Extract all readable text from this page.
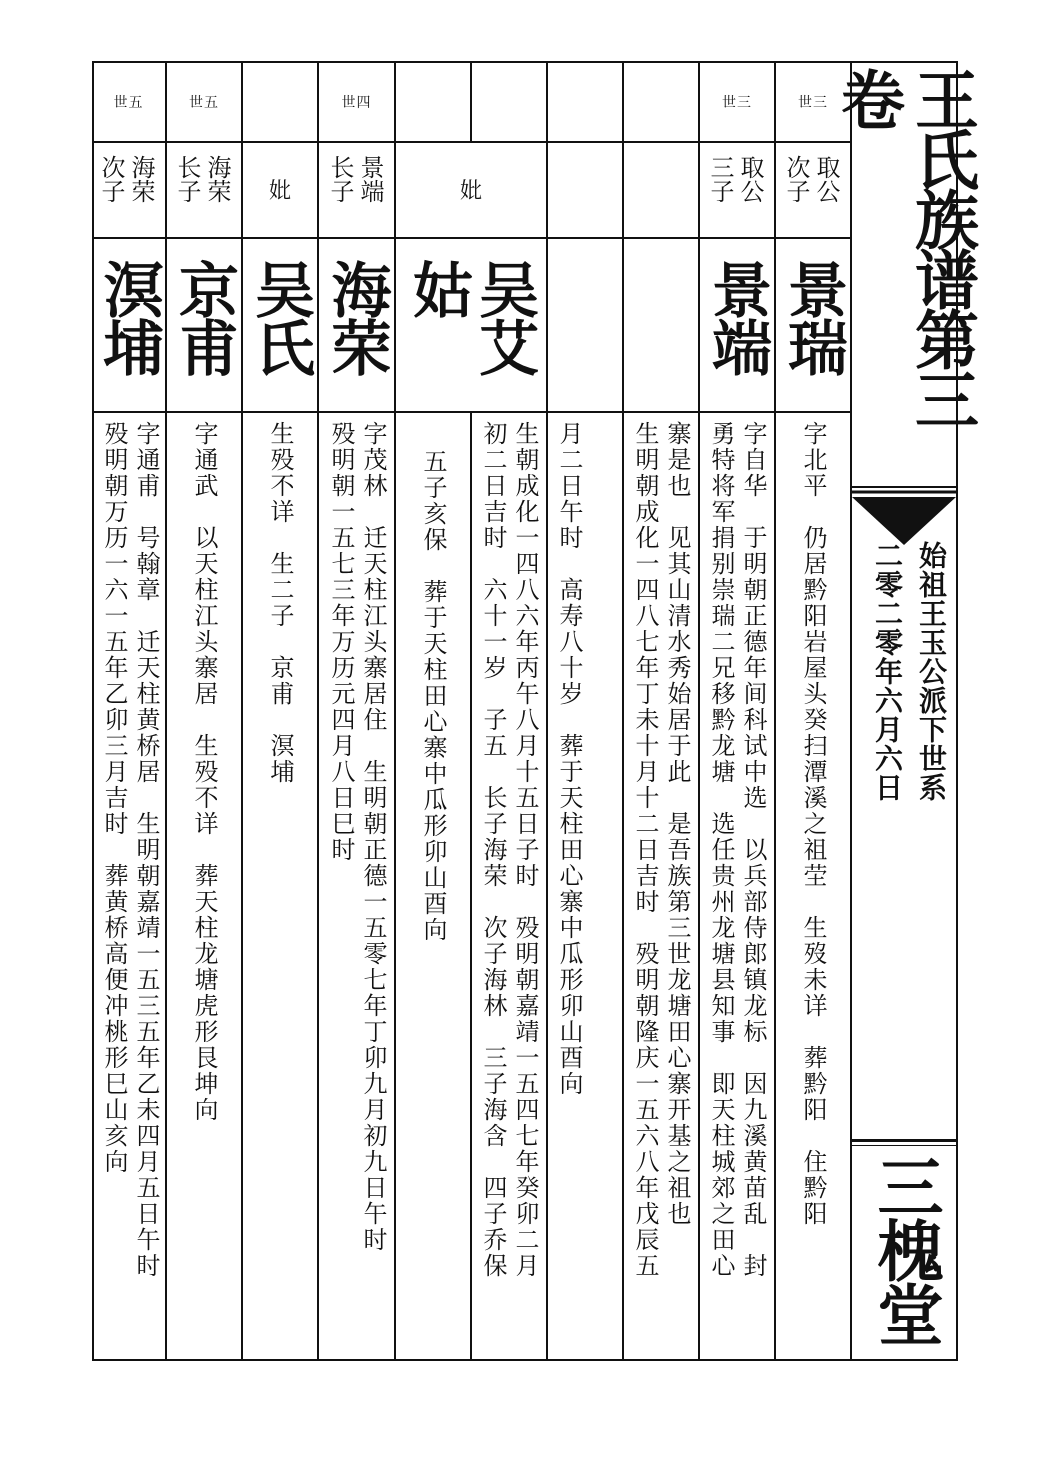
王氏族谱第三卷
始祖王玉公派下世系
二零二零年六月六日
三槐堂
世三
取公
次子
景瑞
字北平　仍居黔阳岩屋头癸扫潭溪之祖茔　生歿未详　葬黔阳　住黔阳
世三
取公
三子
景端
字自华　于明朝正德年间科试中选　以兵部侍郎镇龙标　因九溪黄苗乱　封
勇特将军捐别崇瑞二兄移黔龙塘　选任贵州龙塘县知事　即天柱城郊之田心
寨是也　见其山清水秀始居于此　是吾族第三世龙塘田心寨开基之祖也
生明朝成化一四八七年丁未十月十二日吉时　殁明朝隆庆一五六八年戊辰五
月二日午时　高寿八十岁　葬于天柱田心寨中瓜形卯山酉向
妣
吴艾姑
生朝成化一四八六年丙午八月十五日子时　殁明朝嘉靖一五四七年癸卯二月
初二日吉时　六十一岁　子五　长子海荣　次子海林　三子海含　四子乔保
五子亥保　葬于天柱田心寨中瓜形卯山酉向
世四
景端
长子
海荣
字茂林　迁天柱江头寨居住　生明朝正德一五零七年丁卯九月初九日午时
殁明朝一五七三年万历元四月八日巳时
妣
吴氏
生殁不详　生二子　京甫　溟埔
世五
海荣
长子
京甫
字通武　以天柱江头寨居　生殁不详　葬天柱龙塘虎形艮坤向
世五
海荣
次子
溟埔
字通甫　号翰章　迁天柱黄桥居　生明朝嘉靖一五三五年乙未四月五日午时
殁明朝万历一六一五年乙卯三月吉时　葬黄桥高便冲桃形巳山亥向
